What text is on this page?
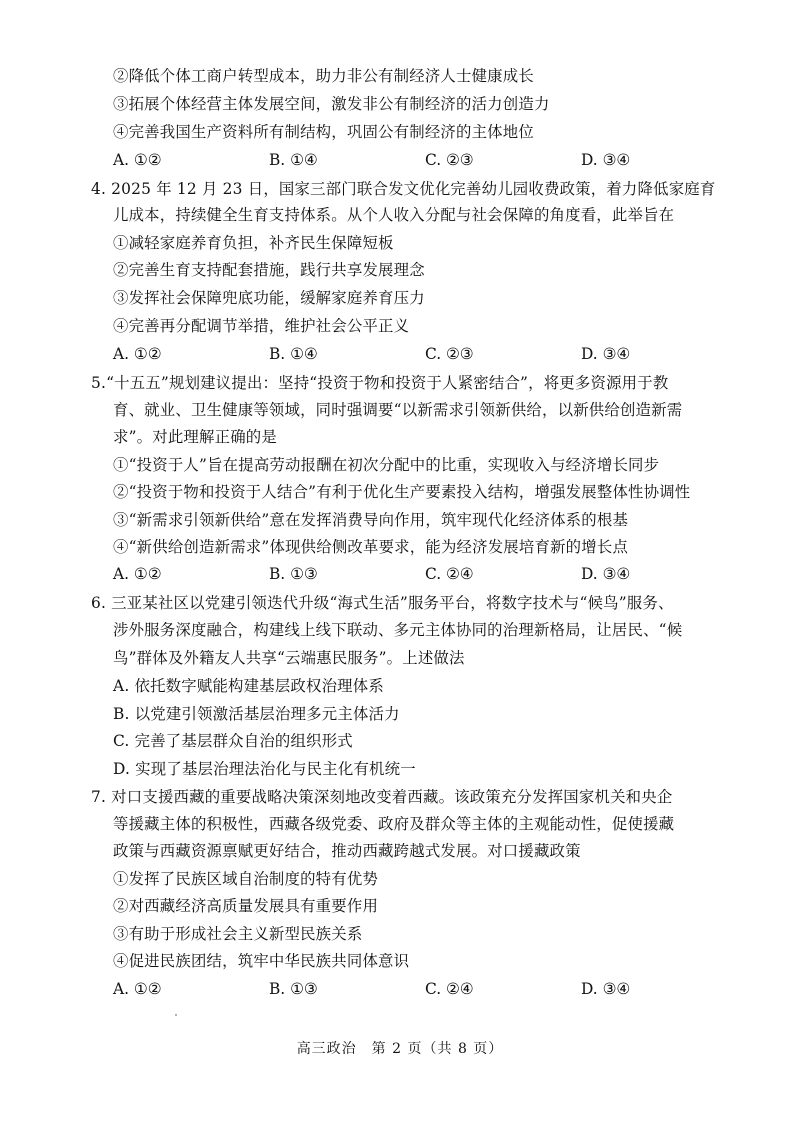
②降低个体工商户转型成本，助力非公有制经济人士健康成长
③拓展个体经营主体发展空间，激发非公有制经济的活力创造力
④完善我国生产资料所有制结构，巩固公有制经济的主体地位
A. ①②	B. ①④	C. ②③	D. ③④
4. 2025 年 12 月 23 日，国家三部门联合发文优化完善幼儿园收费政策，着力降低家庭育
儿成本，持续健全生育支持体系。从个人收入分配与社会保障的角度看，此举旨在
①减轻家庭养育负担，补齐民生保障短板
②完善生育支持配套措施，践行共享发展理念
③发挥社会保障兜底功能，缓解家庭养育压力
④完善再分配调节举措，维护社会公平正义
A. ①②	B. ①④	C. ②③	D. ③④
5.“十五五”规划建议提出：坚持“投资于物和投资于人紧密结合”，将更多资源用于教
育、就业、卫生健康等领域，同时强调要“以新需求引领新供给，以新供给创造新需
求”。对此理解正确的是
①“投资于人”旨在提高劳动报酬在初次分配中的比重，实现收入与经济增长同步
②“投资于物和投资于人结合”有利于优化生产要素投入结构，增强发展整体性协调性
③“新需求引领新供给”意在发挥消费导向作用，筑牢现代化经济体系的根基
④“新供给创造新需求”体现供给侧改革要求，能为经济发展培育新的增长点
A. ①②	B. ①③	C. ②④	D. ③④
6. 三亚某社区以党建引领迭代升级“海式生活”服务平台，将数字技术与“候鸟”服务、
涉外服务深度融合，构建线上线下联动、多元主体协同的治理新格局，让居民、“候
鸟”群体及外籍友人共享“云端惠民服务”。上述做法
A. 依托数字赋能构建基层政权治理体系
B. 以党建引领激活基层治理多元主体活力
C. 完善了基层群众自治的组织形式
D. 实现了基层治理法治化与民主化有机统一
7. 对口支援西藏的重要战略决策深刻地改变着西藏。该政策充分发挥国家机关和央企
等援藏主体的积极性，西藏各级党委、政府及群众等主体的主观能动性，促使援藏
政策与西藏资源禀赋更好结合，推动西藏跨越式发展。对口援藏政策
①发挥了民族区域自治制度的特有优势
②对西藏经济高质量发展具有重要作用
③有助于形成社会主义新型民族关系
④促进民族团结，筑牢中华民族共同体意识
A. ①②	B. ①③	C. ②④	D. ③④
高三政治　第 2 页（共 8 页）
